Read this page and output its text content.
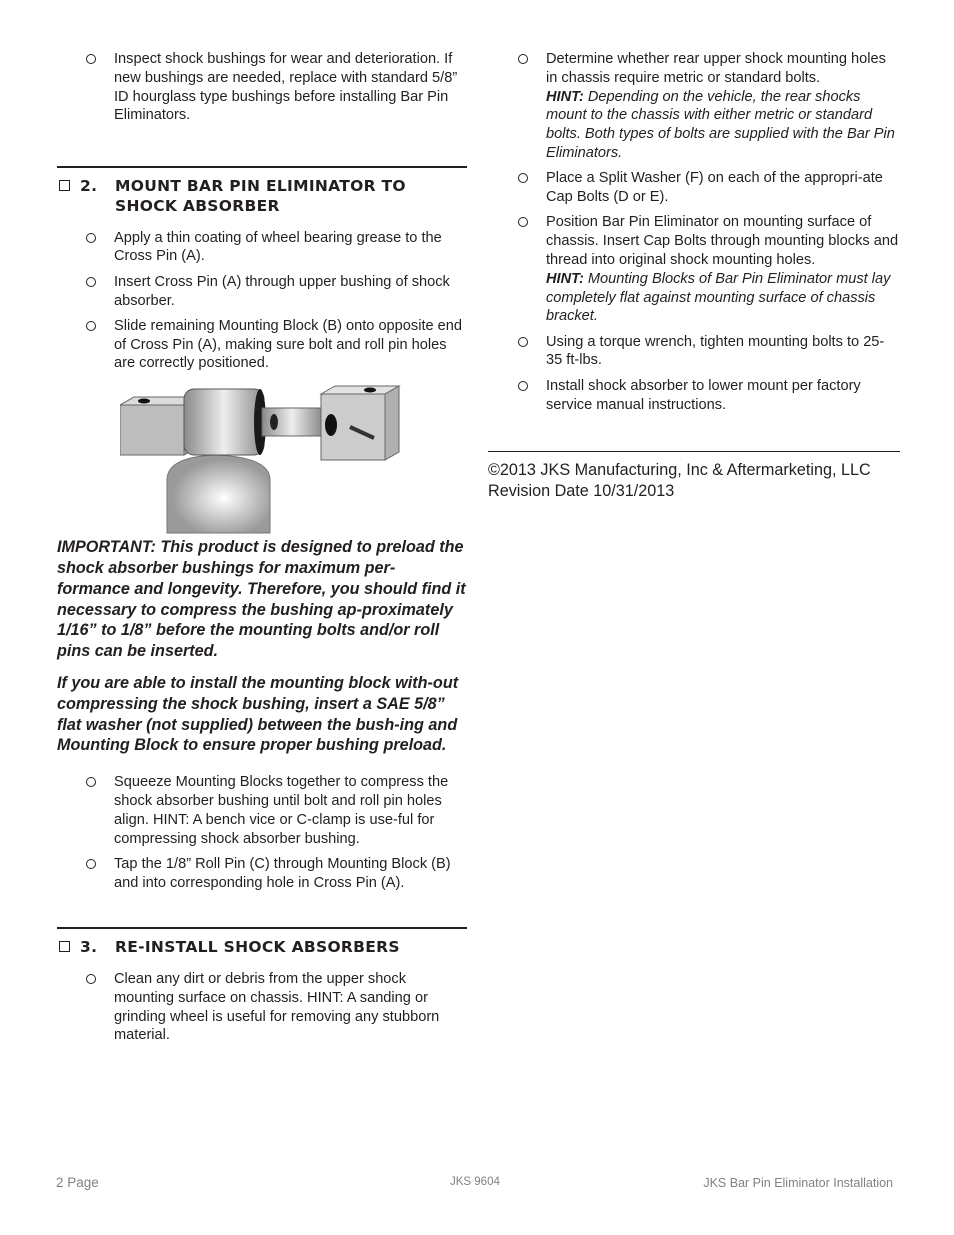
Inspect shock bushings for wear and deterioration. If new bushings are needed, replace with standard 5/8” ID hourglass type bushings before installing Bar Pin Eliminators.
2. MOUNT BAR PIN ELIMINATOR TO SHOCK ABSORBER
Apply a thin coating of wheel bearing grease to the Cross Pin (A).
Insert Cross Pin (A) through upper bushing of shock absorber.
Slide remaining Mounting Block (B) onto opposite end of Cross Pin (A), making sure bolt and roll pin holes are correctly positioned.

IMPORTANT: This product is designed to preload the shock absorber bushings for maximum per-formance and longevity. Therefore, you should find it necessary to compress the bushing ap-proximately 1/16” to 1/8” before the mounting bolts and/or roll pins can be inserted.

If you are able to install the mounting block with-out compressing the shock bushing, insert a SAE 5/8” flat washer (not supplied) between the bush-ing and Mounting Block to ensure proper bushing preload.

Squeeze Mounting Blocks together to compress the shock absorber bushing until bolt and roll pin holes align. HINT: A bench vice or C-clamp is use-ful for compressing shock absorber bushing.
Tap the 1/8” Roll Pin (C) through Mounting Block (B) and into corresponding hole in Cross Pin (A).
3. RE-INSTALL SHOCK ABSORBERS
Clean any dirt or debris from the upper shock mounting surface on chassis. HINT: A sanding or grinding wheel is useful for removing any stubborn material.
Determine whether rear upper shock mounting holes in chassis require metric or standard bolts.
HINT: Depending on the vehicle, the rear shocks mount to the chassis with either metric or standard bolts. Both types of bolts are supplied with the Bar Pin Eliminators.
Place a Split Washer (F) on each of the appropri-ate Cap Bolts (D or E).
Position Bar Pin Eliminator on mounting surface of chassis. Insert Cap Bolts through mounting blocks and thread into original shock mounting holes.
HINT: Mounting Blocks of Bar Pin Eliminator must lay completely flat against mounting surface of chassis bracket.
Using a torque wrench, tighten mounting bolts to 25-35 ft-lbs.
Install shock absorber to lower mount per factory service manual instructions.
©2013 JKS Manufacturing, Inc & Aftermarketing, LLC
Revision Date 10/31/2013
2 Page	JKS 9604	JKS Bar Pin Eliminator Installation
